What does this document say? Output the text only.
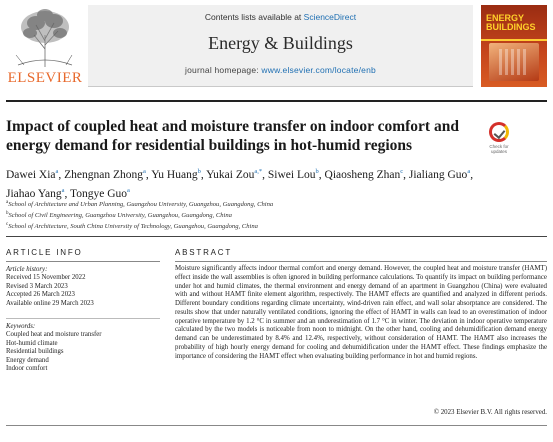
ELSEVIER
Contents lists available at ScienceDirect
Energy & Buildings
journal homepage: www.elsevier.com/locate/enb
ENERGY
BUILDINGS
Impact of coupled heat and moisture transfer on indoor comfort and energy demand for residential buildings in hot-humid regions	Check for updates
Dawei Xia$^a$, Zhengnan Zhong$^a$, Yu Huang$^b$, Yukai Zou$^{a,*}$, Siwei Lou$^b$, Qiaosheng Zhan$^c$, Jialiang Guo$^a$,
Jiahao Yang$^a$, Tongye Guo$^a$
$^a$School of Architecture and Urban Planning, Guangzhou University, Guangzhou, Guangdong, China
$^b$School of Civil Engineering, Guangzhou University, Guangzhou, Guangdong, China
$^c$School of Architecture, South China University of Technology, Guangzhou, Guangdong, China
ARTICLE INFO
Article history:
Received 15 November 2022
Revised 3 March 2023
Accepted 26 March 2023
Available online 29 March 2023
Keywords:
Coupled heat and moisture transfer
Hot-humid climate
Residential buildings
Energy demand
Indoor comfort
ABSTRACT

Moisture significantly affects indoor thermal comfort and energy demand. However, the coupled heat and moisture transfer (HAMT) effect inside the wall assemblies is often ignored in building performance calculations. To quantify its impact on building performance under hot and humid climates, the thermal environment and energy demand of an apartment in Guangzhou (China) were evaluated with and without HAMT finite element algorithm, respectively. The HAMT effects are quantified and analyzed in different periods. Different boundary conditions regarding climate uncertainty, wind-driven rain effect, and wall solar absorptance are considered. The results show that under naturally ventilated conditions, ignoring the effect of HAMT in walls can lead to an overestimation of indoor operative temperature by 1.2 °C in summer and an underestimation of 1.7 °C in winter. The deviation in indoor operative temperature calculated by the two models is noticeable from noon to midnight. On the other hand, cooling and dehumidification demand energy demand can be underestimated by 8.4% and 12.4%, respectively, without consideration of HAMT. The HAMT also increases the probability of high hourly energy demand for cooling and dehumidification under the HAMT effect. These findings emphasize the importance of considering the HAMT effect when evaluating building performance in hot and humid regions.

© 2023 Elsevier B.V. All rights reserved.
